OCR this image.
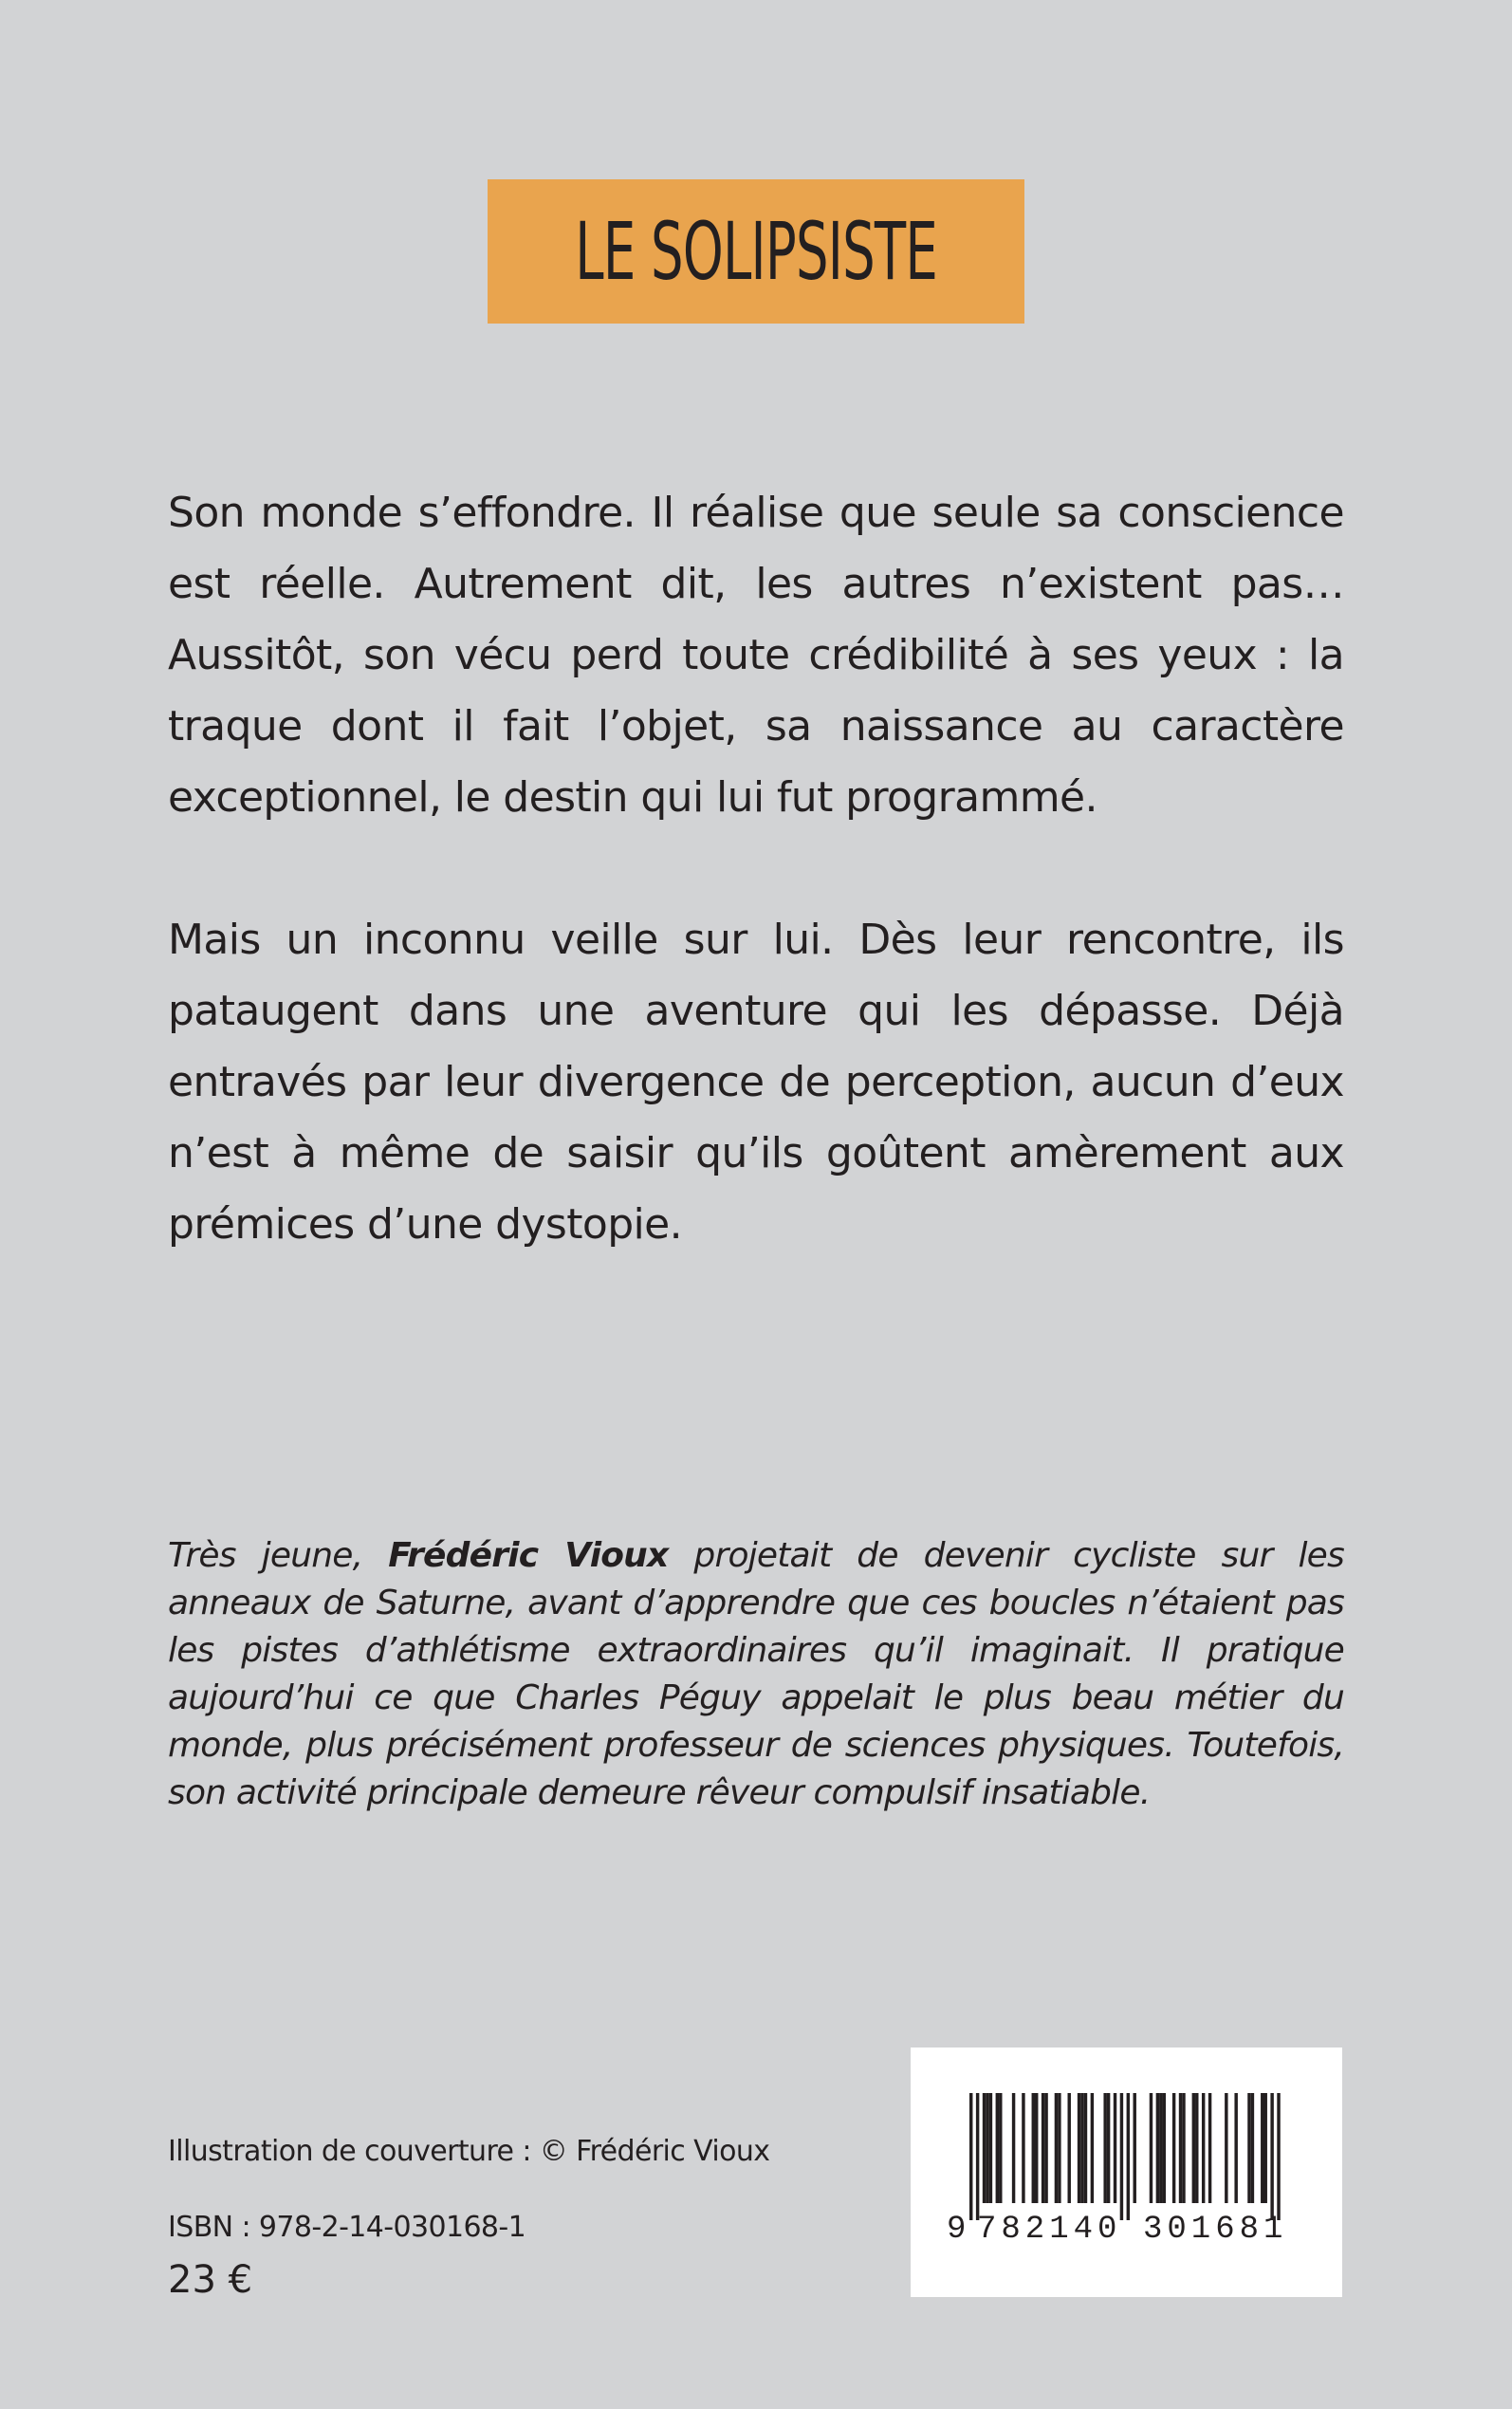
LE SOLIPSISTE

Son monde s’effondre. Il réalise que seule sa conscience est réelle. Autrement dit, les autres n’existent pas… Aussitôt, son vécu perd toute crédibilité à ses yeux : la traque dont il fait l’objet, sa naissance au caractère exceptionnel, le destin qui lui fut programmé.

Mais un inconnu veille sur lui. Dès leur rencontre, ils pataugent dans une aventure qui les dépasse. Déjà entravés par leur divergence de perception, aucun d’eux n’est à même de saisir qu’ils goûtent amèrement aux prémices d’une dystopie.

Très jeune, Frédéric Vioux projetait de devenir cycliste sur les anneaux de Saturne, avant d’apprendre que ces boucles n’étaient pas les pistes d’athlétisme extraordinaires qu’il imaginait. Il pratique aujourd’hui ce que Charles Péguy appelait le plus beau métier du monde, plus précisément professeur de sciences physiques. Toutefois, son activité principale demeure rêveur compulsif insatiable.

Illustration de couverture : © Frédéric Vioux
ISBN : 978-2-14-030168-1
23 €
9 782140 301681
